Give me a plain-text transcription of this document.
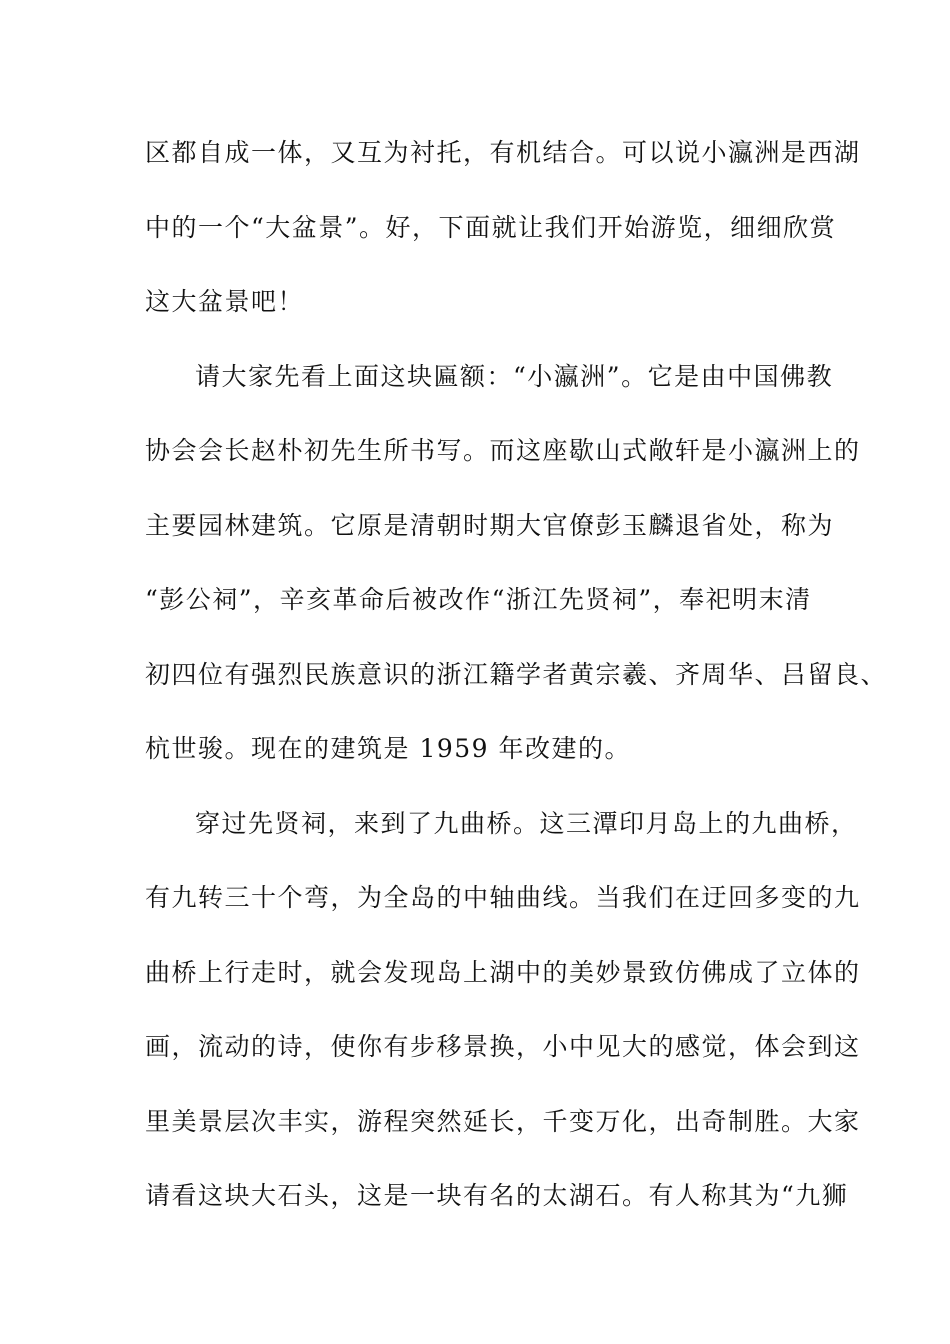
区都自成一体，又互为衬托，有机结合。可以说小瀛洲是西湖
中的一个“大盆景”。好，下面就让我们开始游览，细细欣赏
这大盆景吧！
请大家先看上面这块匾额：“小瀛洲”。它是由中国佛教
协会会长赵朴初先生所书写。而这座歇山式敞轩是小瀛洲上的
主要园林建筑。它原是清朝时期大官僚彭玉麟退省处，称为
“彭公祠”，辛亥革命后被改作“浙江先贤祠”，奉祀明末清
初四位有强烈民族意识的浙江籍学者黄宗羲、齐周华、吕留良、
杭世骏。现在的建筑是 1959 年改建的。
穿过先贤祠，来到了九曲桥。这三潭印月岛上的九曲桥，
有九转三十个弯，为全岛的中轴曲线。当我们在迂回多变的九
曲桥上行走时，就会发现岛上湖中的美妙景致仿佛成了立体的
画，流动的诗，使你有步移景换，小中见大的感觉，体会到这
里美景层次丰实，游程突然延长，千变万化，出奇制胜。大家
请看这块大石头，这是一块有名的太湖石。有人称其为“九狮
